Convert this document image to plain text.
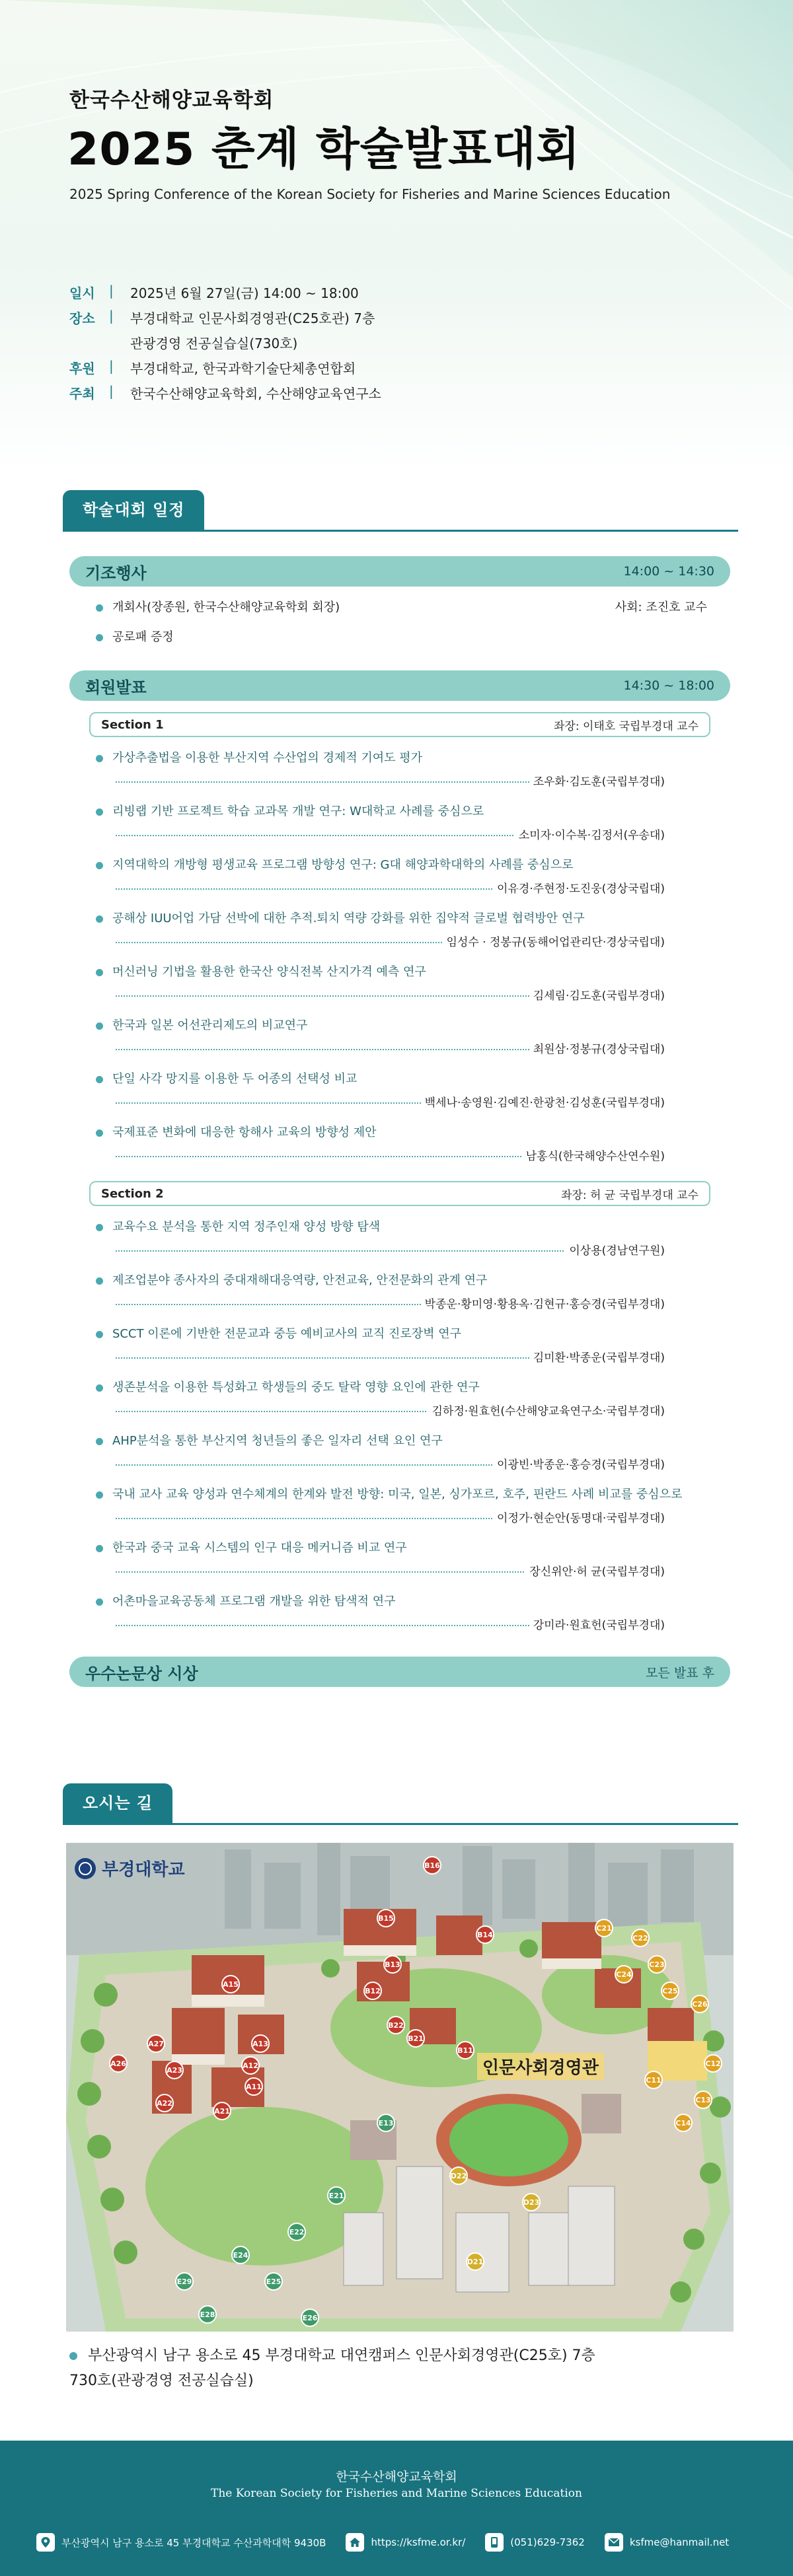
한국수산해양교육학회
2025 춘계 학술발표대회
2025 Spring Conference of the Korean Society for Fisheries and Marine Sciences Education
일시	|	2025년 6월 27일(금) 14:00 ~ 18:00
장소	|	부경대학교 인문사회경영관(C25호관) 7층
관광경영 전공실습실(730호)
후원	|	부경대학교, 한국과학기술단체총연합회
주최	|	한국수산해양교육학회, 수산해양교육연구소
학술대회 일정
기조행사	14:00 ~ 14:30
개회사(장종원, 한국수산해양교육학회 회장)	사회: 조진호 교수
공로패 증정
회원발표	14:30 ~ 18:00
Section 1	좌장: 이태호 국립부경대 교수
가상추출법을 이용한 부산지역 수산업의 경제적 기여도 평가
조우화·김도훈(국립부경대)
리빙랩 기반 프로젝트 학습 교과목 개발 연구: W대학교 사례를 중심으로
소미자·이수복·김정서(우송대)
지역대학의 개방형 평생교육 프로그램 방향성 연구: G대 해양과학대학의 사례를 중심으로
이유경·주현정·도진웅(경상국립대)
공해상 IUU어업 가담 선박에 대한 추적.퇴치 역량 강화를 위한 집약적 글로벌 협력방안 연구
임성수 · 정봉규(동해어업관리단·경상국립대)
머신러닝 기법을 활용한 한국산 양식전복 산지가격 예측 연구
김세림·김도훈(국립부경대)
한국과 일본 어선관리제도의 비교연구
최원삼·정봉규(경상국립대)
단일 사각 망지를 이용한 두 어종의 선택성 비교
백세나·송영원·김예진·한광천·김성훈(국립부경대)
국제표준 변화에 대응한 항해사 교육의 방향성 제안
남홍식(한국해양수산연수원)
Section 2	좌장: 허 균 국립부경대 교수
교육수요 분석을 통한 지역 정주인재 양성 방향 탐색
이상용(경남연구원)
제조업분야 종사자의 중대재해대응역량, 안전교육, 안전문화의 관계 연구
박종운·황미영·황용옥·김현규·홍승경(국립부경대)
SCCT 이론에 기반한 전문교과 중등 예비교사의 교직 진로장벽 연구
김미환·박종운(국립부경대)
생존분석을 이용한 특성화고 학생들의 중도 탈락 영향 요인에 관한 연구
김하정·원효헌(수산해양교육연구소·국립부경대)
AHP분석을 통한 부산지역 청년들의 좋은 일자리 선택 요인 연구
이광빈·박종운·홍승경(국립부경대)
국내 교사 교육 양성과 연수체계의 한계와 발전 방향: 미국, 일본, 싱가포르, 호주, 핀란드 사례 비교를 중심으로
이정가·현순안(동명대·국립부경대)
한국과 중국 교육 시스템의 인구 대응 메커니즘 비교 연구
장신위안·허 균(국립부경대)
어촌마을교육공동체 프로그램 개발을 위한 탐색적 연구
강미라·원효헌(국립부경대)
우수논문상 시상	모든 발표 후
오시는 길
부경대학교
인문사회경영관
B16
B15
B14
B13
B12
B22
B21
B11
A15
A13
A12
A11
A21
A22
A23
A27
A26
C21
C22
C23
C24
C25
C26
C11
C12
C13
C14
D21
D22
D23
E13
E21
E22
E24
E25
E26
E28
E29
부산광역시 남구 용소로 45 부경대학교 대연캠퍼스 인문사회경영관(C25호) 7층
730호(관광경영 전공실습실)
한국수산해양교육학회
The Korean Society for Fisheries and Marine Sciences Education
부산광역시 남구 용소로 45 부경대학교 수산과학대학 9430B	https://ksfme.or.kr/	(051)629-7362	ksfme@hanmail.net
